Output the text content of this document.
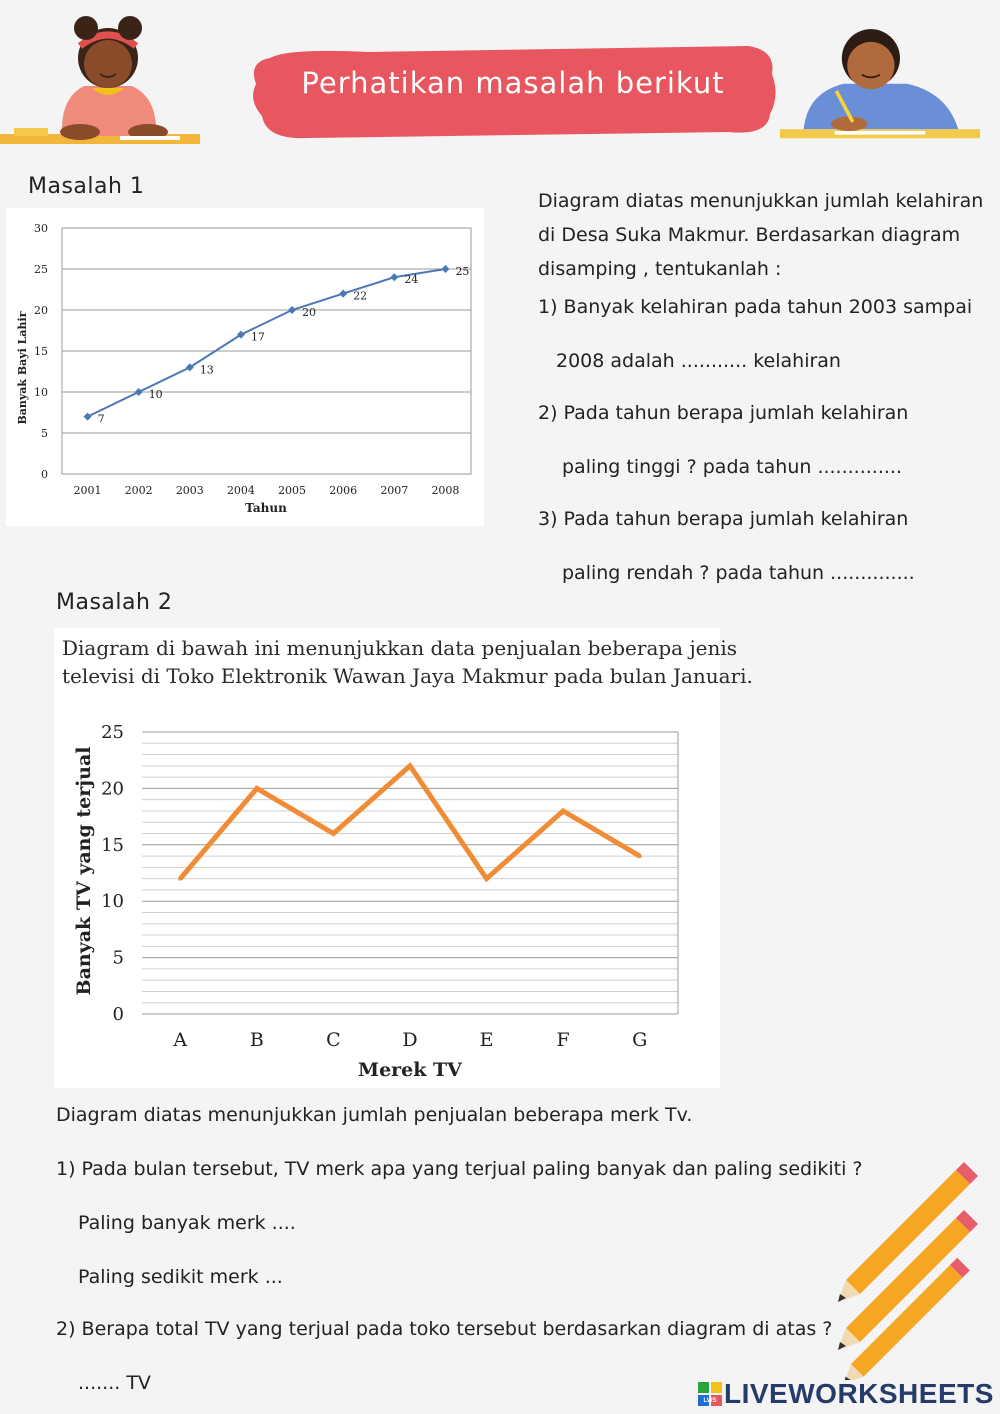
Perhatikan masalah berikut
Masalah 1
Banyak Bayi Lahir
Tahun
0
5
10
15
20
25
30
2001 2002 2003 2004 2005 2006 2007 2008
7
10
13
17
20
22
24
25
Diagram diatas menunjukkan jumlah kelahiran
di Desa Suka Makmur. Berdasarkan diagram
disamping , tentukanlah :
1) Banyak kelahiran pada tahun 2003 sampai
2008 adalah ........... kelahiran
2) Pada tahun berapa jumlah kelahiran
paling tinggi ? pada tahun ..............
3) Pada tahun berapa jumlah kelahiran
paling rendah ? pada tahun ..............
Masalah 2
Diagram di bawah ini menunjukkan data penjualan beberapa jenis
televisi di Toko Elektronik Wawan Jaya Makmur pada bulan Januari.
Banyak TV yang terjual
Merek TV
0
5
10
15
20
25
A	B	C	D	E	F	G
Diagram diatas menunjukkan jumlah penjualan beberapa merk Tv.
1) Pada bulan tersebut, TV merk apa yang terjual paling banyak dan paling sedikiti ?
Paling banyak merk ....
Paling sedikit merk ...
2) Berapa total TV yang terjual pada toko tersebut berdasarkan diagram di atas ?
....... TV
LWS LIVEWORKSHEETS
